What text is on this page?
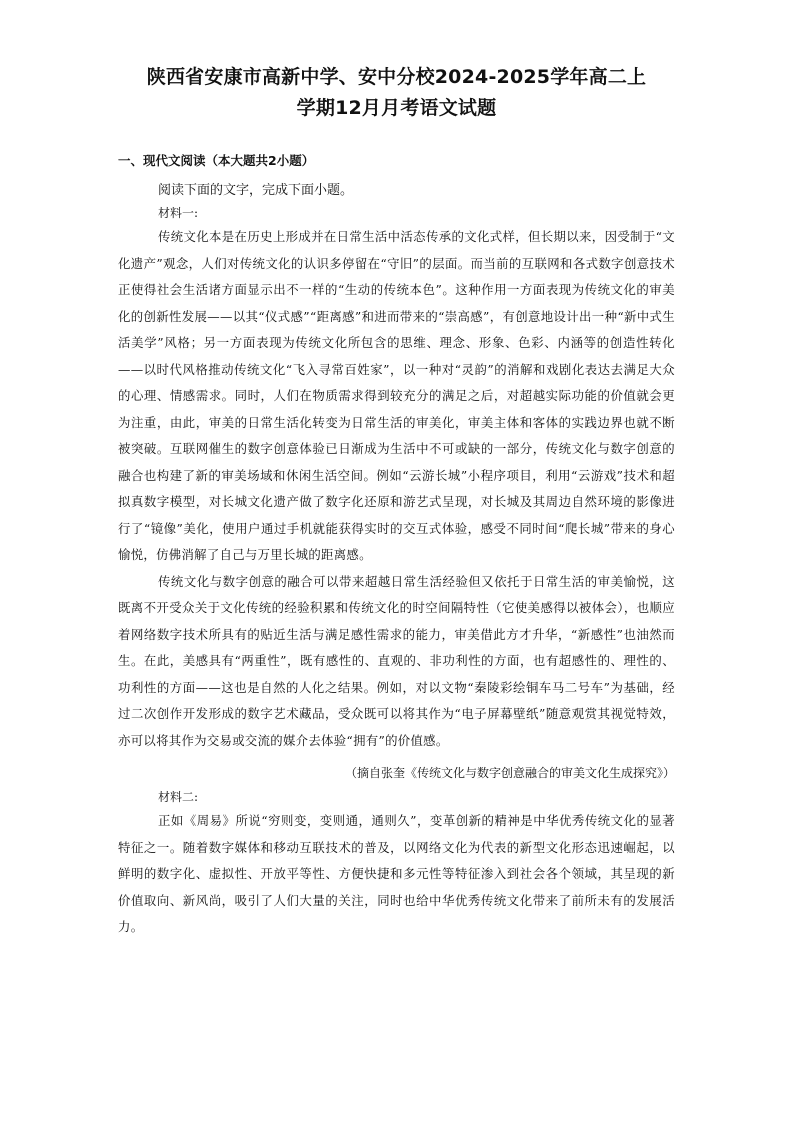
陕西省安康市高新中学、安中分校2024-2025学年高二上
学期12月月考语文试题
一、现代文阅读（本大题共2小题）
阅读下面的文字，完成下面小题。
材料一:

传统文化本是在历史上形成并在日常生活中活态传承的文化式样，但长期以来，因受制于“文化遗产”观念，人们对传统文化的认识多停留在“守旧”的层面。而当前的互联网和各式数字创意技术正使得社会生活诸方面显示出不一样的“生动的传统本色”。这种作用一方面表现为传统文化的审美化的创新性发展——以其“仪式感”“距离感”和进而带来的“崇高感”，有创意地设计出一种“新中式生活美学”风格；另一方面表现为传统文化所包含的思维、理念、形象、色彩、内涵等的创造性转化——以时代风格推动传统文化“飞入寻常百姓家”，以一种对“灵韵”的消解和戏剧化表达去满足大众的心理、情感需求。同时，人们在物质需求得到较充分的满足之后，对超越实际功能的价值就会更为注重，由此，审美的日常生活化转变为日常生活的审美化，审美主体和客体的实践边界也就不断被突破。互联网催生的数字创意体验已日渐成为生活中不可或缺的一部分，传统文化与数字创意的融合也构建了新的审美场域和休闲生活空间。例如“云游长城”小程序项目，利用“云游戏”技术和超拟真数字模型，对长城文化遗产做了数字化还原和游艺式呈现，对长城及其周边自然环境的影像进行了“镜像”美化，使用户通过手机就能获得实时的交互式体验，感受不同时间“爬长城”带来的身心愉悦，仿佛消解了自己与万里长城的距离感。

传统文化与数字创意的融合可以带来超越日常生活经验但又依托于日常生活的审美愉悦，这既离不开受众关于文化传统的经验积累和传统文化的时空间隔特性（它使美感得以被体会），也顺应着网络数字技术所具有的贴近生活与满足感性需求的能力，审美借此方才升华，“新感性”也油然而生。在此，美感具有“两重性”，既有感性的、直观的、非功利性的方面，也有超感性的、理性的、功利性的方面——这也是自然的人化之结果。例如，对以文物“秦陵彩绘铜车马二号车”为基础，经过二次创作开发形成的数字艺术藏品，受众既可以将其作为“电子屏幕壁纸”随意观赏其视觉特效，亦可以将其作为交易或交流的媒介去体验“拥有”的价值感。

（摘自张奎《传统文化与数字创意融合的审美文化生成探究》）
材料二:

正如《周易》所说“穷则变，变则通，通则久”，变革创新的精神是中华优秀传统文化的显著特征之一。随着数字媒体和移动互联技术的普及，以网络文化为代表的新型文化形态迅速崛起，以鲜明的数字化、虚拟性、开放平等性、方便快捷和多元性等特征渗入到社会各个领域，其呈现的新价值取向、新风尚，吸引了人们大量的关注，同时也给中华优秀传统文化带来了前所未有的发展活力。
